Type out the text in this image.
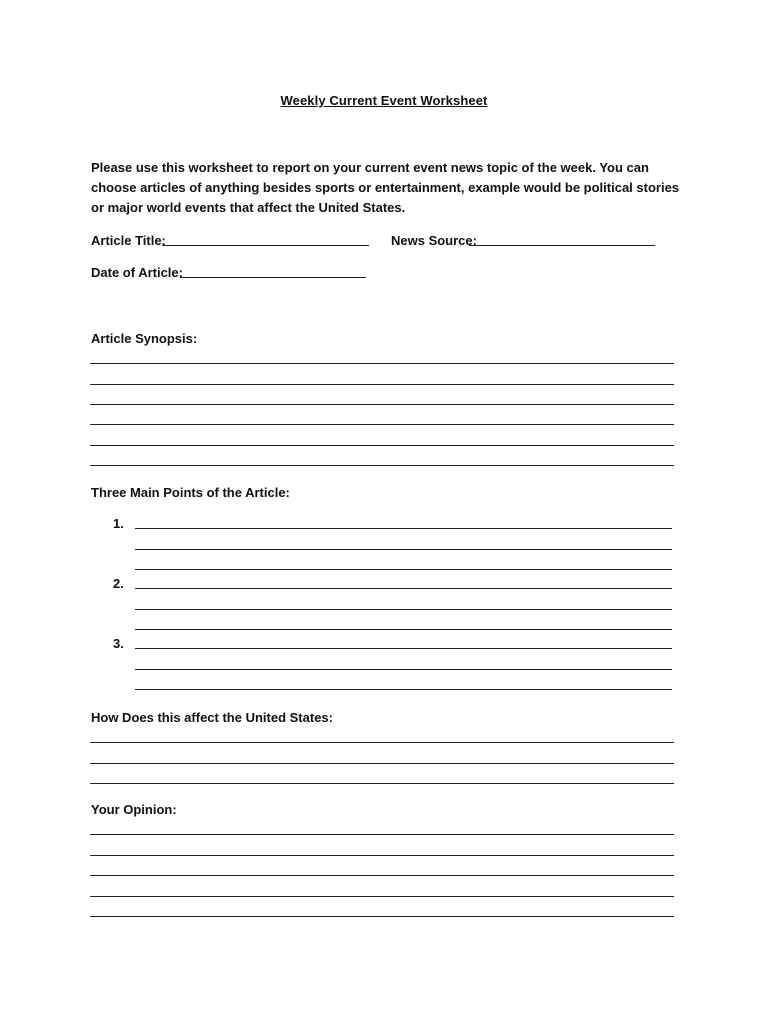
Weekly Current Event Worksheet

Please use this worksheet to report on your current event news topic of the week. You can choose articles of anything besides sports or entertainment, example would be political stories or major world events that affect the United States.

Article Title:	News Source:
Date of Article:
Article Synopsis:
Three Main Points of the Article:
1.
2.
3.
How Does this affect the United States:
Your Opinion:
